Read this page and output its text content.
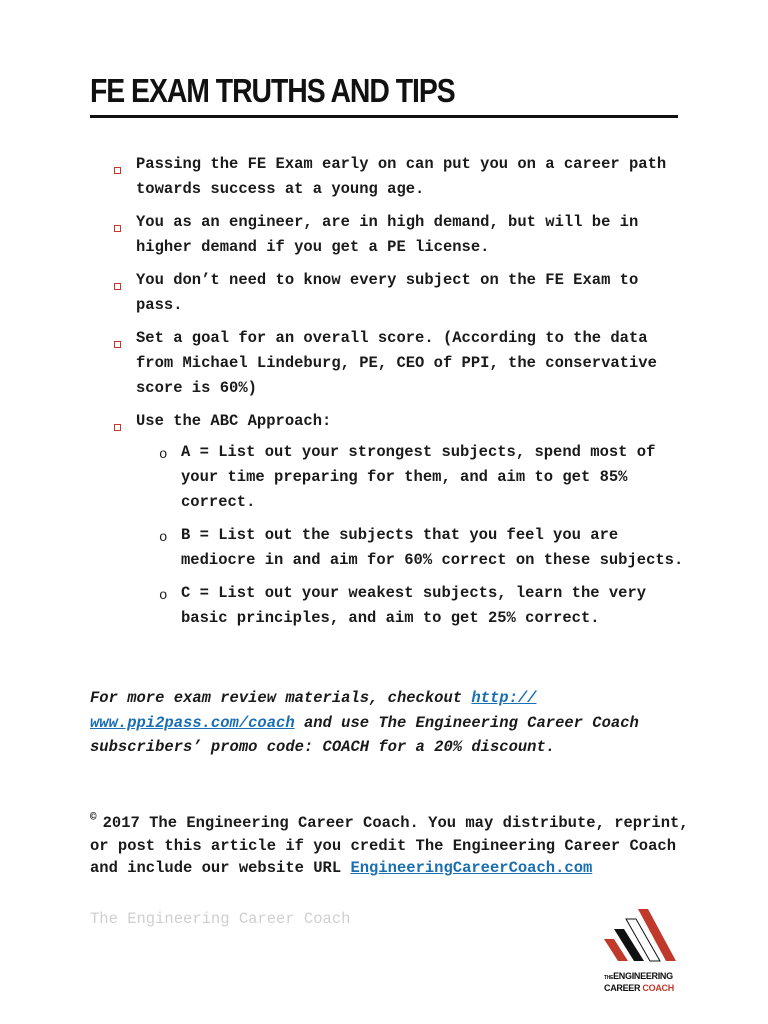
FE EXAM TRUTHS AND TIPS
Passing the FE Exam early on can put you on a career path towards success at a young age.
You as an engineer, are in high demand, but will be in higher demand if you get a PE license.
You don’t need to know every subject on the FE Exam to pass.
Set a goal for an overall score. (According to the data from Michael Lindeburg, PE, CEO of PPI, the conservative score is 60%)
Use the ABC Approach:
o A = List out your strongest subjects, spend most of your time preparing for them, and aim to get 85% correct.
o B = List out the subjects that you feel you are mediocre in and aim for 60% correct on these subjects.
o C = List out your weakest subjects, learn the very basic principles, and aim to get 25% correct.

For more exam review materials, checkout http://​www.ppi2pass.com/coach and use The Engineering Career Coach subscribers’ promo code: COACH for a 20% discount.

© 2017 The Engineering Career Coach. You may distribute, reprint, or post this article if you credit The Engineering Career Coach and include our website URL EngineeringCareerCoach.com

The Engineering Career Coach
THEENGINEERING
CAREER COACH
